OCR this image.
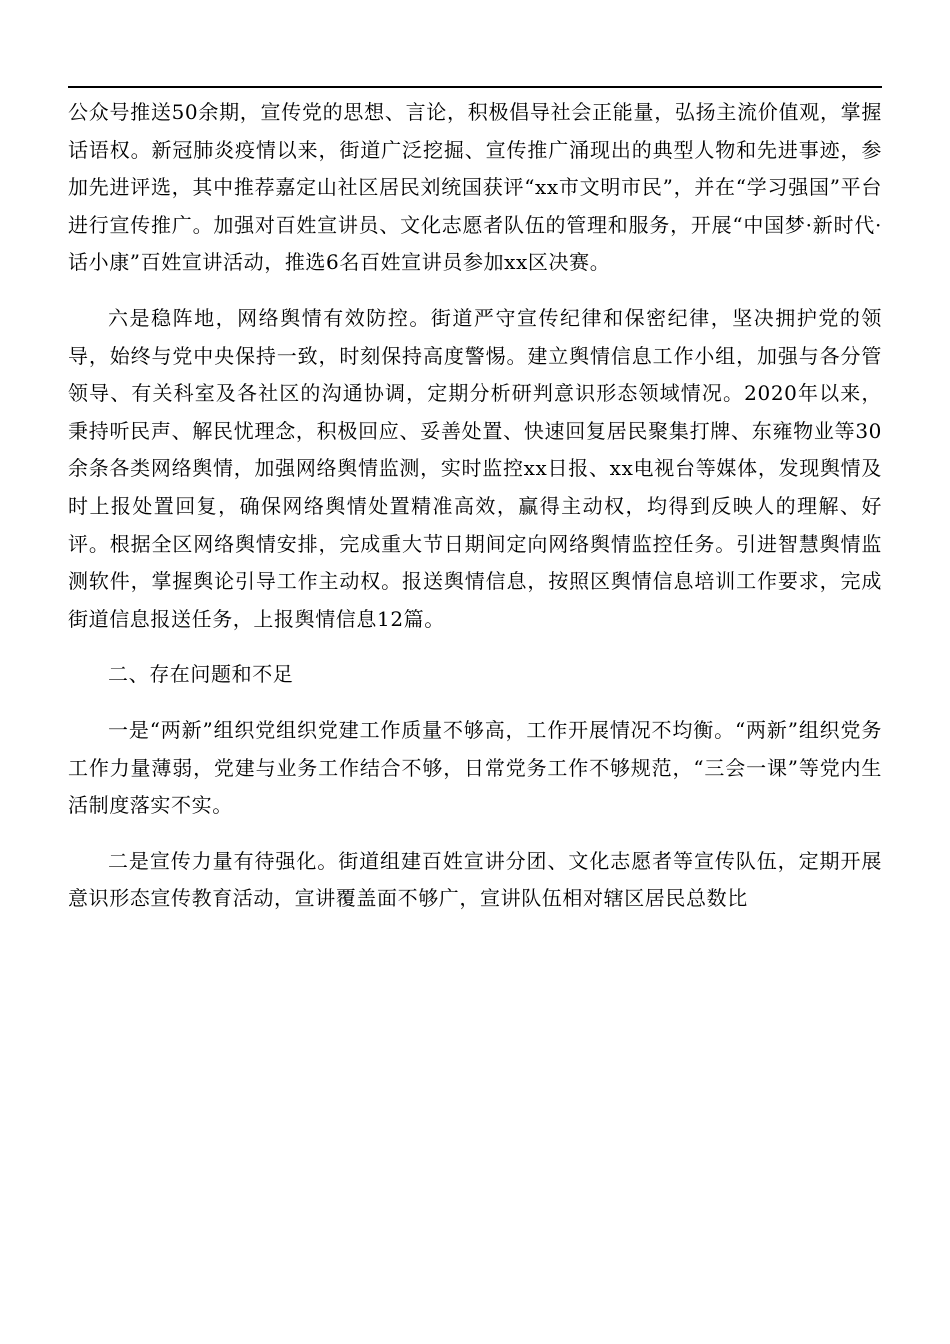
公众号推送50余期，宣传党的思想、言论，积极倡导社会正能量，弘扬主流价值观，掌握话语权。新冠肺炎疫情以来，街道广泛挖掘、宣传推广涌现出的典型人物和先进事迹，参加先进评选，其中推荐嘉定山社区居民刘统国获评“xx市文明市民”，并在“学习强国”平台进行宣传推广。加强对百姓宣讲员、文化志愿者队伍的管理和服务，开展“中国梦·新时代·话小康”百姓宣讲活动，推选6名百姓宣讲员参加xx区决赛。

六是稳阵地，网络舆情有效防控。街道严守宣传纪律和保密纪律，坚决拥护党的领导，始终与党中央保持一致，时刻保持高度警惕。建立舆情信息工作小组，加强与各分管领导、有关科室及各社区的沟通协调，定期分析研判意识形态领域情况。2020年以来，秉持听民声、解民忧理念，积极回应、妥善处置、快速回复居民聚集打牌、东雍物业等30余条各类网络舆情，加强网络舆情监测，实时监控xx日报、xx电视台等媒体，发现舆情及时上报处置回复，确保网络舆情处置精准高效，赢得主动权，均得到反映人的理解、好评。根据全区网络舆情安排，完成重大节日期间定向网络舆情监控任务。引进智慧舆情监测软件，掌握舆论引导工作主动权。报送舆情信息，按照区舆情信息培训工作要求，完成街道信息报送任务，上报舆情信息12篇。

二、存在问题和不足

一是“两新”组织党组织党建工作质量不够高，工作开展情况不均衡。“两新”组织党务工作力量薄弱，党建与业务工作结合不够，日常党务工作不够规范，“三会一课”等党内生活制度落实不实。

二是宣传力量有待强化。街道组建百姓宣讲分团、文化志愿者等宣传队伍，定期开展意识形态宣传教育活动，宣讲覆盖面不够广，宣讲队伍相对辖区居民总数比
